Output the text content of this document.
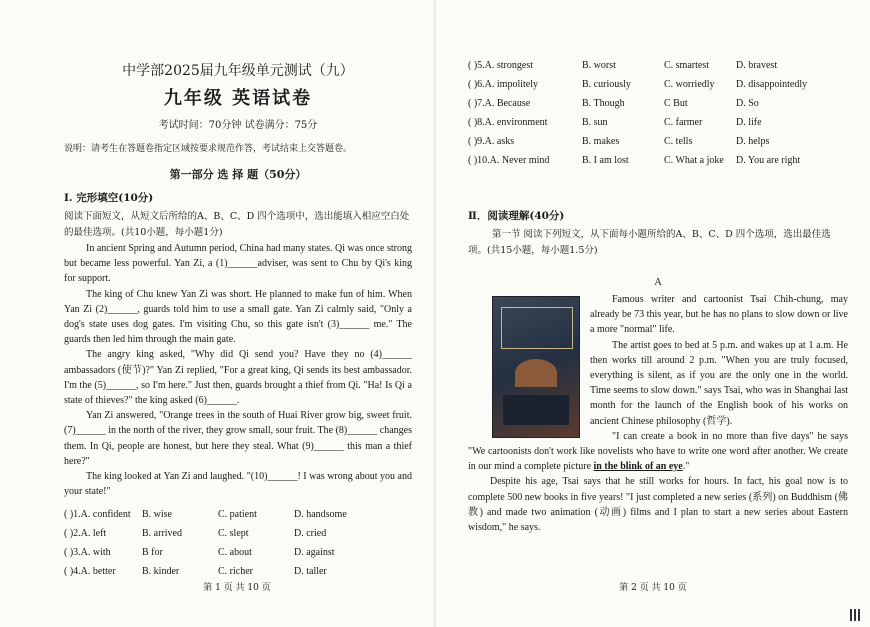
中学部2025届九年级单元测试（九）
九年级 英语试卷
考试时间：70分钟 试卷满分：75分
说明：请考生在答题卷指定区域按要求规范作答，考试结束上交答题卷。
第一部分 选 择 题（50分）
I. 完形填空(10分)
阅读下面短文，从短文后所给的A、B、C、D 四个选项中，选出能填入相应空白处的最佳选项。(共10小题，每小题1分)

In ancient Spring and Autumn period, China had many states. Qi was once strong but became less powerful. Yan Zi, a (1)______adviser, was sent to Chu by Qi's king for support.

The king of Chu knew Yan Zi was short. He planned to make fun of him. When Yan Zi (2)______, guards told him to use a small gate. Yan Zi calmly said, "Only a dog's state uses dog gates. I'm visiting Chu, so this gate isn't (3)______ me." The guards then led him through the main gate.

The angry king asked, "Why did Qi send you? Have they no (4)______ ambassadors (使节)?" Yan Zi replied, "For a great king, Qi sends its best ambassador. I'm the (5)______, so I'm here." Just then, guards brought a thief from Qi. "Ha! Is Qi a state of thieves?" the king asked (6)______.

Yan Zi answered, "Orange trees in the south of Huai River grow big, sweet fruit. (7)______ in the north of the river, they grow small, sour fruit. The (8)______ changes them. In Qi, people are honest, but here they steal. What (9)______ this man a thief here?"

The king looked at Yan Zi and laughed. "(10)______! I was wrong about you and your state!"

( )1.A. confident	B. wise	C. patient	D. handsome
( )2.A. left	B. arrived	C. slept	D. cried
( )3.A. with	B for	C. about	D. against
( )4.A. better	B. kinder	C. richer	D. taller
第 1 页 共 10 页
( )5.A. strongest	B. worst	C. smartest	D. bravest
( )6.A. impolitely	B. curiously	C. worriedly	D. disappointedly
( )7.A. Because	B. Though	C But	D. So
( )8.A. environment	B. sun	C. farmer	D. life
( )9.A. asks	B. makes	C. tells	D. helps
( )10.A. Never mind	B. I am lost	C. What a joke	D. You are right
Ⅱ．阅读理解(40分)
第一节 阅读下列短文，从下面每小题所给的A、B、C、D 四个选项，选出最佳选项。(共15小题，每小题1.5分)
A

Famous writer and cartoonist Tsai Chih-chung, may already be 73 this year, but he has no plans to slow down or live a more "normal" life.

The artist goes to bed at 5 p.m. and wakes up at 1 a.m. He then works till around 2 p.m. "When you are truly focused, everything is silent, as if you are the only one in the world. Time seems to slow down." says Tsai, who was in Shanghai last month for the launch of the English book of his works on ancient Chinese philosophy (哲学).

"I can create a book in no more than five days" he says "We cartoonists don't work like novelists who have to write one word after another. We create in our mind a complete picture in the blink of an eye."

Despite his age, Tsai says that he still works for hours. In fact, his goal now is to complete 500 new books in five years! "I just completed a new series (系列) on Buddhism (佛教) and made two animation (动画) films and I plan to start a new series about Eastern wisdom," he says.

第 2 页 共 10 页
